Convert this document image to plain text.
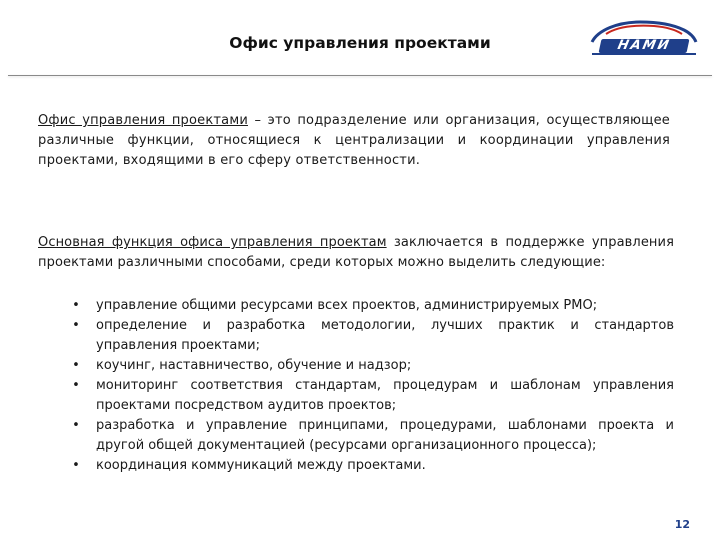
Офис управления проектами	НАМИ
Офис управления проектами – это подразделение или организация, осуществляющее различные функции, относящиеся к централизации и координации управления проектами, входящими в его сферу ответственности.
Основная функция офиса управления проектам заключается в поддержке управления проектами различными способами, среди которых можно выделить следующие:
• управление общими ресурсами всех проектов, администрируемых PMO;
• определение и разработка методологии, лучших практик и стандартов управления проектами;
• коучинг, наставничество, обучение и надзор;
• мониторинг соответствия стандартам, процедурам и шаблонам управления проектами посредством аудитов проектов;
• разработка и управление принципами, процедурами, шаблонами проекта и другой общей документацией (ресурсами организационного процесса);
• координация коммуникаций между проектами.
12
